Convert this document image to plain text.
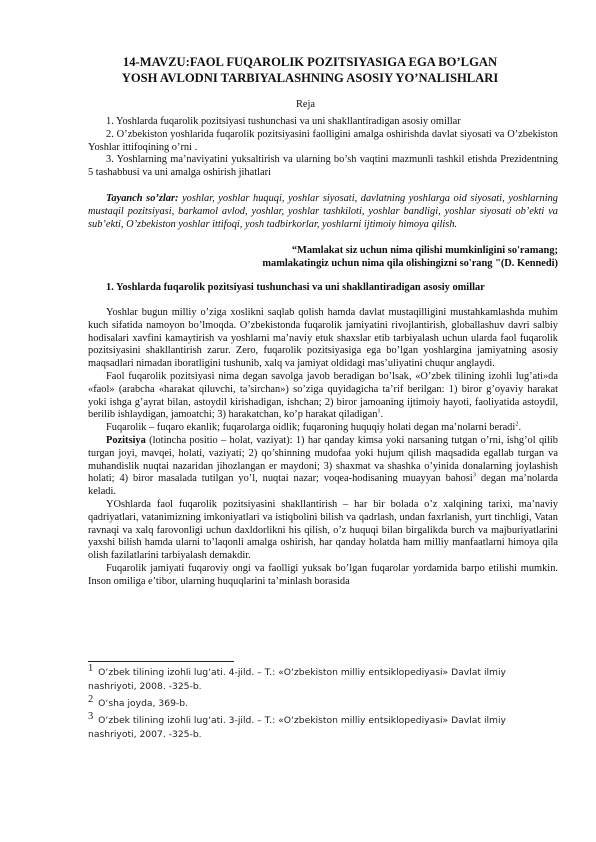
14-MAVZU:FAOL FUQAROLIK POZITSIYASIGA EGA BO’LGAN
YOSH AVLODNI TARBIYALASHNING ASOSIY YO’NALISHLARI
Reja

1. Yoshlarda fuqarolik pozitsiyasi tushunchasi va uni shakllantiradigan asosiy omillar

2. O’zbekiston yoshlarida fuqarolik pozitsiyasini faolligini amalga oshirishda davlat siyosati va O’zbekiston Yoshlar ittifoqining o’rni .

3. Yoshlarning ma’naviyatini yuksaltirish va ularning bo’sh vaqtini mazmunli tashkil etishda Prezidentning 5 tashabbusi va uni amalga oshirish jihatlari

Tayanch so’zlar: yoshlar, yoshlar huquqi, yoshlar siyosati, davlatning yoshlarga oid siyosati, yoshlarning mustaqil pozitsiyasi, barkamol avlod, yoshlar, yoshlar tashkiloti, yoshlar bandligi, yoshlar siyosati ob’ekti va sub’ekti, O’zbekiston yoshlar ittifoqi, yosh tadbirkorlar, yoshlarni ijtimoiy himoya qilish.

“Mamlakat siz uchun nima qilishi mumkinligini so'ramang;
mamlakatingiz uchun nima qila olishingizni so'rang "(D. Kennedi)

1. Yoshlarda fuqarolik pozitsiyasi tushunchasi va uni shakllantiradigan asosiy omillar

Yoshlar bugun milliy o’ziga xoslikni saqlab qolish hamda davlat mustaqilligini mustahkamlashda muhim kuch sifatida namoyon bo’lmoqda. O’zbekistonda fuqarolik jamiyatini rivojlantirish, globallashuv davri salbiy hodisalari xavfini kamaytirish va yoshlarni ma’naviy etuk shaxslar etib tarbiyalash uchun ularda faol fuqarolik pozitsiyasini shakllantirish zarur. Zero, fuqarolik pozitsiyasiga ega bo’lgan yoshlargina jamiyatning asosiy maqsadlari nimadan iboratligini tushunib, xalq va jamiyat oldidagi mas’uliyatini chuqur anglaydi.

Faol fuqarolik pozitsiyasi nima degan savolga javob beradigan bo’lsak, «O’zbek tilining izohli lug’ati»da «faol» (arabcha «harakat qiluvchi, ta’sirchan») so’ziga quyidagicha ta’rif berilgan: 1) biror g’oyaviy harakat yoki ishga g’ayrat bilan, astoydil kirishadigan, ishchan; 2) biror jamoaning ijtimoiy hayoti, faoliyatida astoydil, berilib ishlaydigan, jamoatchi; 3) harakatchan, ko’p harakat qiladigan$^1$.

Fuqarolik – fuqaro ekanlik; fuqarolarga oidlik; fuqaroning huquqiy holati degan ma’nolarni beradi$^2$.

Pozitsiya (lotincha positio – holat, vaziyat): 1) har qanday kimsa yoki narsaning tutgan o’rni, ishg’ol qilib turgan joyi, mavqei, holati, vaziyati; 2) qo’shinning mudofaa yoki hujum qilish maqsadida egallab turgan va muhandislik nuqtai nazaridan jihozlangan er maydoni; 3) shaxmat va shashka o’yinida donalarning joylashish holati; 4) biror masalada tutilgan yo’l, nuqtai nazar; voqea-hodisaning muayyan bahosi$^3$ degan ma’nolarda keladi.

YOshlarda faol fuqarolik pozitsiyasini shakllantirish – har bir bolada o’z xalqining tarixi, ma’naviy qadriyatlari, vatanimizning imkoniyatlari va istiqbolini bilish va qadrlash, undan faxrlanish, yurt tinchligi, Vatan ravnaqi va xalq farovonligi uchun daxldorlikni his qilish, o’z huquqi bilan birgalikda burch va majburiyatlarini yaxshi bilish hamda ularni to’laqonli amalga oshirish, har qanday holatda ham milliy manfaatlarni himoya qila olish fazilatlarini tarbiyalash demakdir.

Fuqarolik jamiyati fuqaroviy ongi va faolligi yuksak bo’lgan fuqarolar yordamida barpo etilishi mumkin. Inson omiliga e’tibor, ularning huquqlarini ta’minlash borasida

1 O‘zbek tilining izohli lug‘ati. 4-jild. – T.: «O‘zbekiston milliy entsiklopediyasi» Davlat ilmiy nashriyoti, 2008. -325-b.

2 O‘sha joyda, 369-b.

3 O‘zbek tilining izohli lug‘ati. 3-jild. – T.: «O‘zbekiston milliy entsiklopediyasi» Davlat ilmiy nashriyoti, 2007. -325-b.
